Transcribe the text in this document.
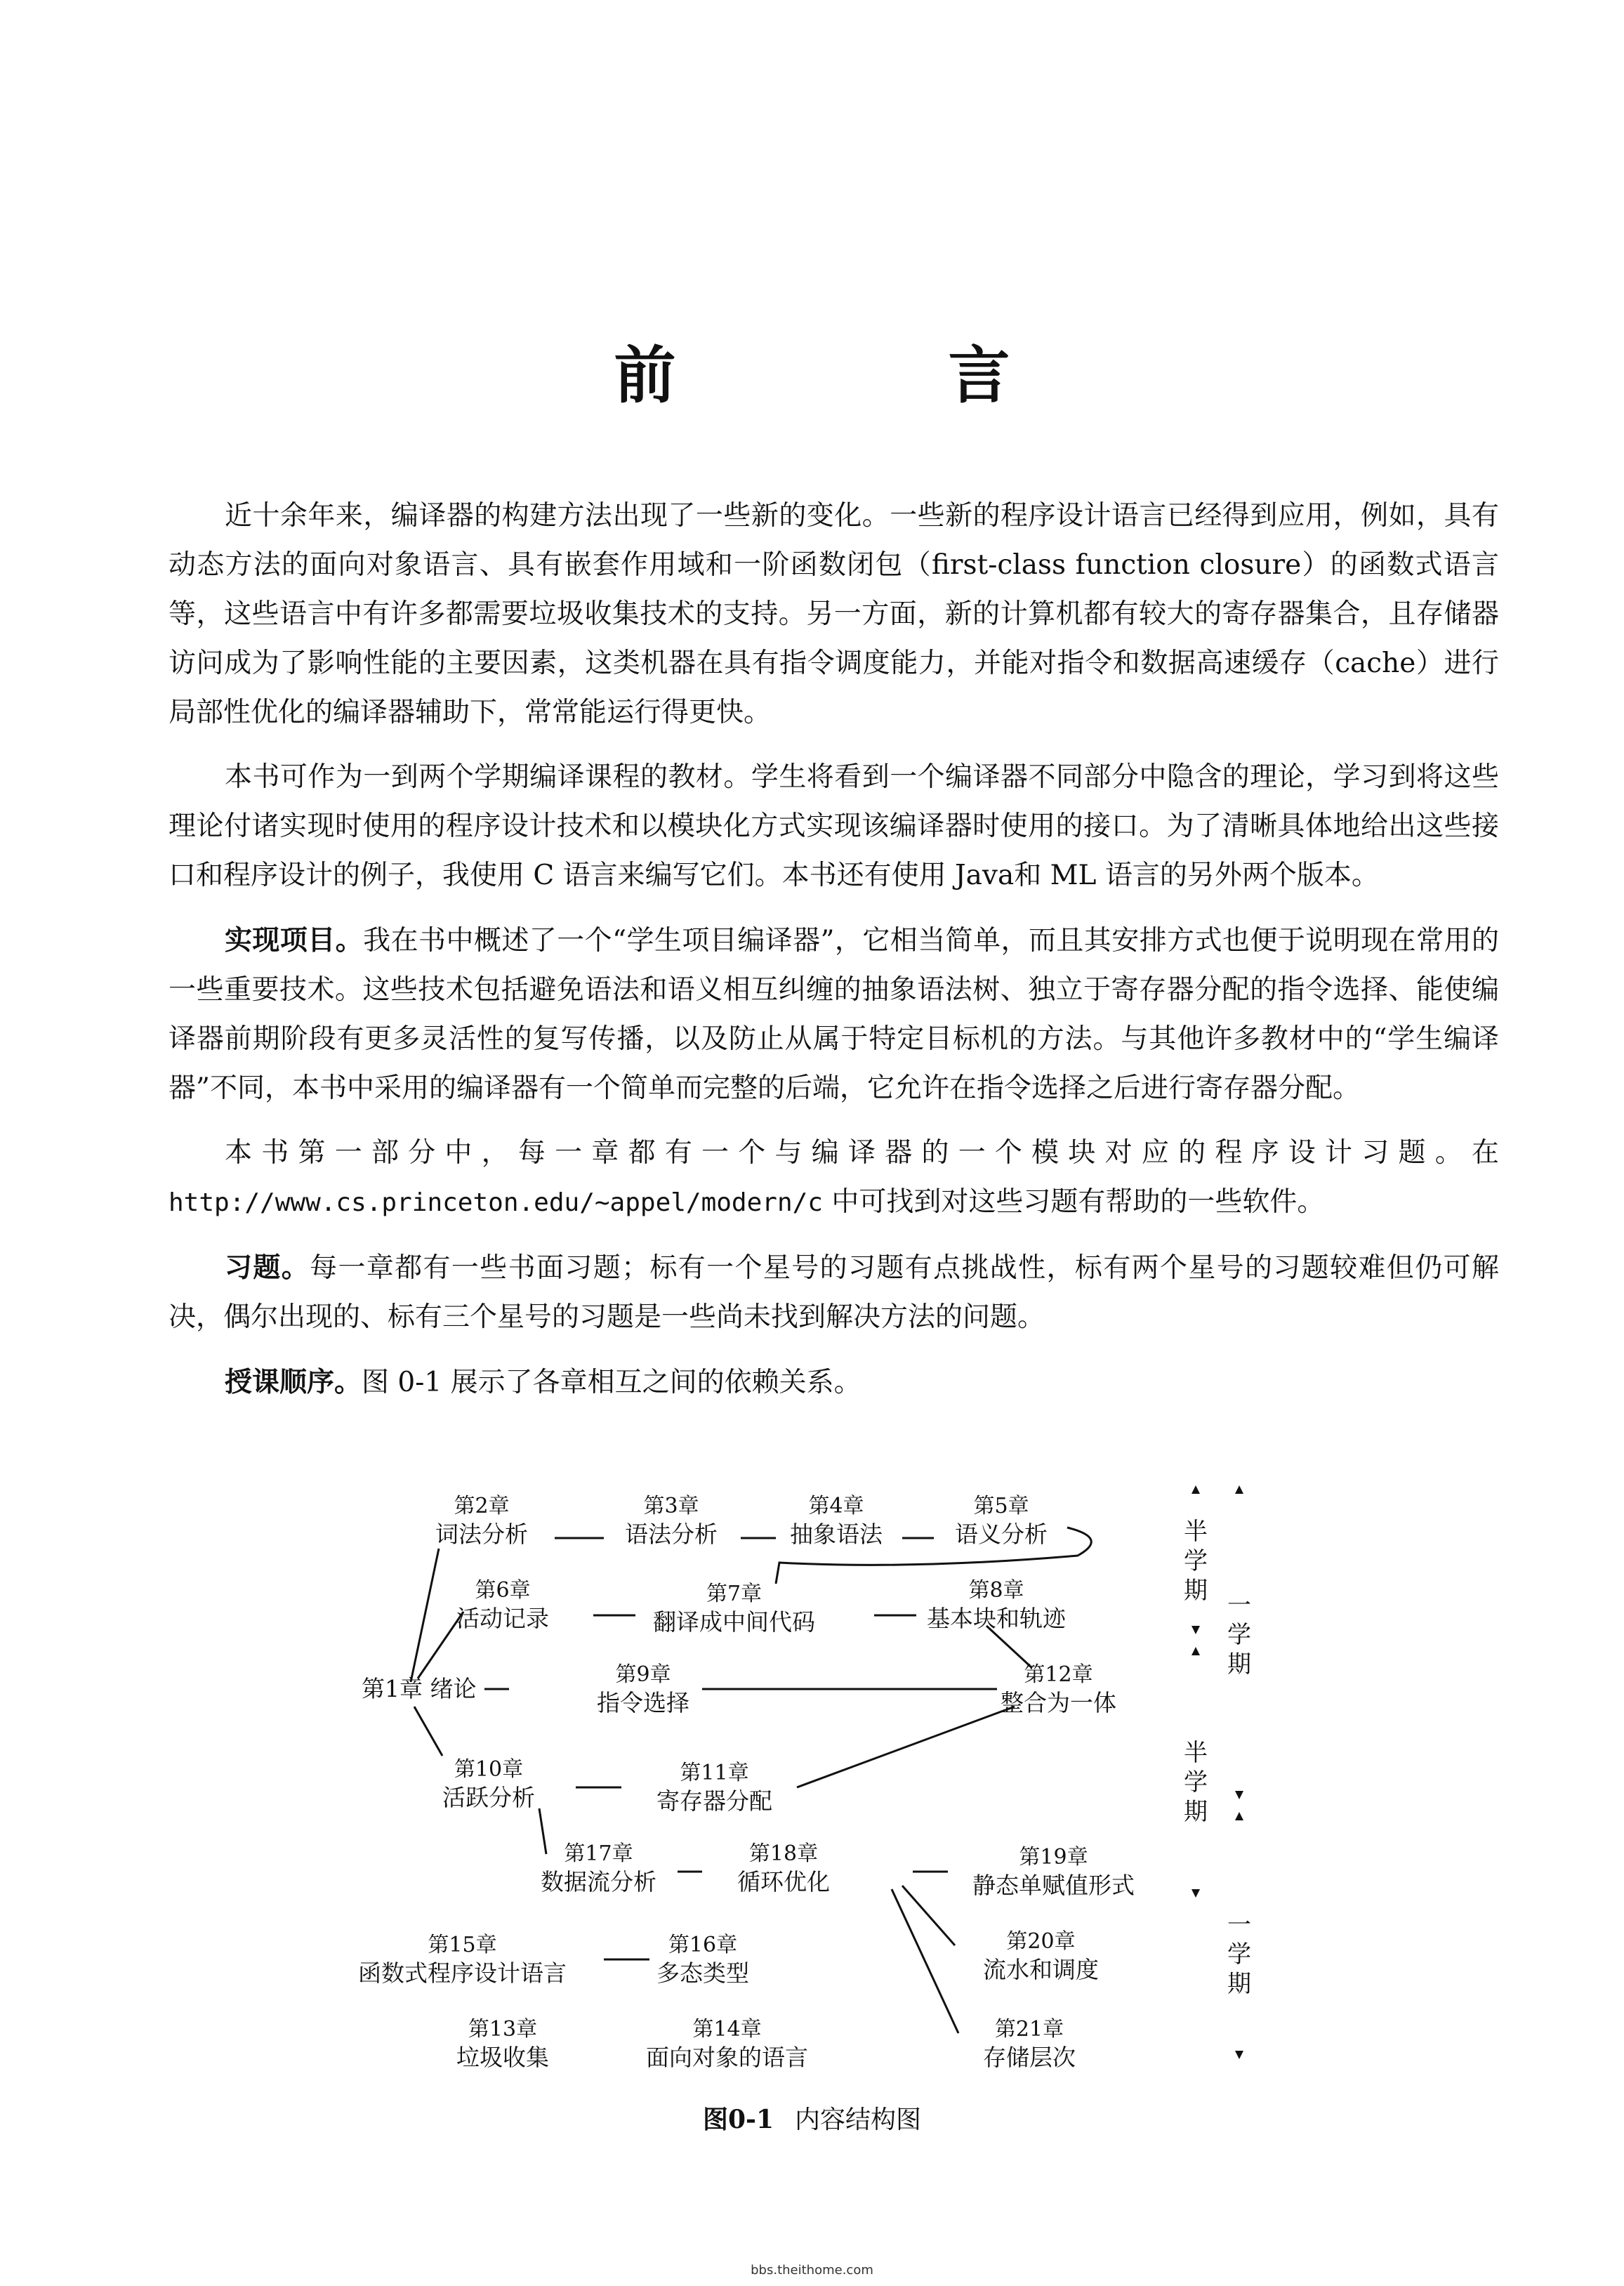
前　言

近十余年来，编译器的构建方法出现了一些新的变化。一些新的程序设计语言已经得到应用，例如，具有动态方法的面向对象语言、具有嵌套作用域和一阶函数闭包（first-class function closure）的函数式语言等，这些语言中有许多都需要垃圾收集技术的支持。另一方面，新的计算机都有较大的寄存器集合，且存储器访问成为了影响性能的主要因素，这类机器在具有指令调度能力，并能对指令和数据高速缓存（cache）进行局部性优化的编译器辅助下，常常能运行得更快。

本书可作为一到两个学期编译课程的教材。学生将看到一个编译器不同部分中隐含的理论，学习到将这些理论付诸实现时使用的程序设计技术和以模块化方式实现该编译器时使用的接口。为了清晰具体地给出这些接口和程序设计的例子，我使用 C 语言来编写它们。本书还有使用 Java和 ML 语言的另外两个版本。

实现项目。我在书中概述了一个“学生项目编译器”，它相当简单，而且其安排方式也便于说明现在常用的一些重要技术。这些技术包括避免语法和语义相互纠缠的抽象语法树、独立于寄存器分配的指令选择、能使编译器前期阶段有更多灵活性的复写传播，以及防止从属于特定目标机的方法。与其他许多教材中的“学生编译器”不同，本书中采用的编译器有一个简单而完整的后端，它允许在指令选择之后进行寄存器分配。

本书第一部分中，每一章都有一个与编译器的一个模块对应的程序设计习题。在 http://www.cs.princeton.edu/~appel/modern/c 中可找到对这些习题有帮助的一些软件。

习题。每一章都有一些书面习题；标有一个星号的习题有点挑战性，标有两个星号的习题较难但仍可解决，偶尔出现的、标有三个星号的习题是一些尚未找到解决方法的问题。

授课顺序。图 0-1 展示了各章相互之间的依赖关系。

第2章
词法分析
第3章
语法分析
第4章
抽象语法
第5章
语义分析
第6章
活动记录
第7章
翻译成中间代码
第8章
基本块和轨迹
第1章 绪论
第9章
指令选择
第12章
整合为一体
第10章
活跃分析
第11章
寄存器分配
第17章
数据流分析
第18章
循环优化
第19章
静态单赋值形式
第15章
函数式程序设计语言
第16章
多态类型
第20章
流水和调度
第13章
垃圾收集
第14章
面向对象的语言
第21章
存储层次
半学期
一学期
半学期
一学期
图0-1 内容结构图
bbs.theithome.com
